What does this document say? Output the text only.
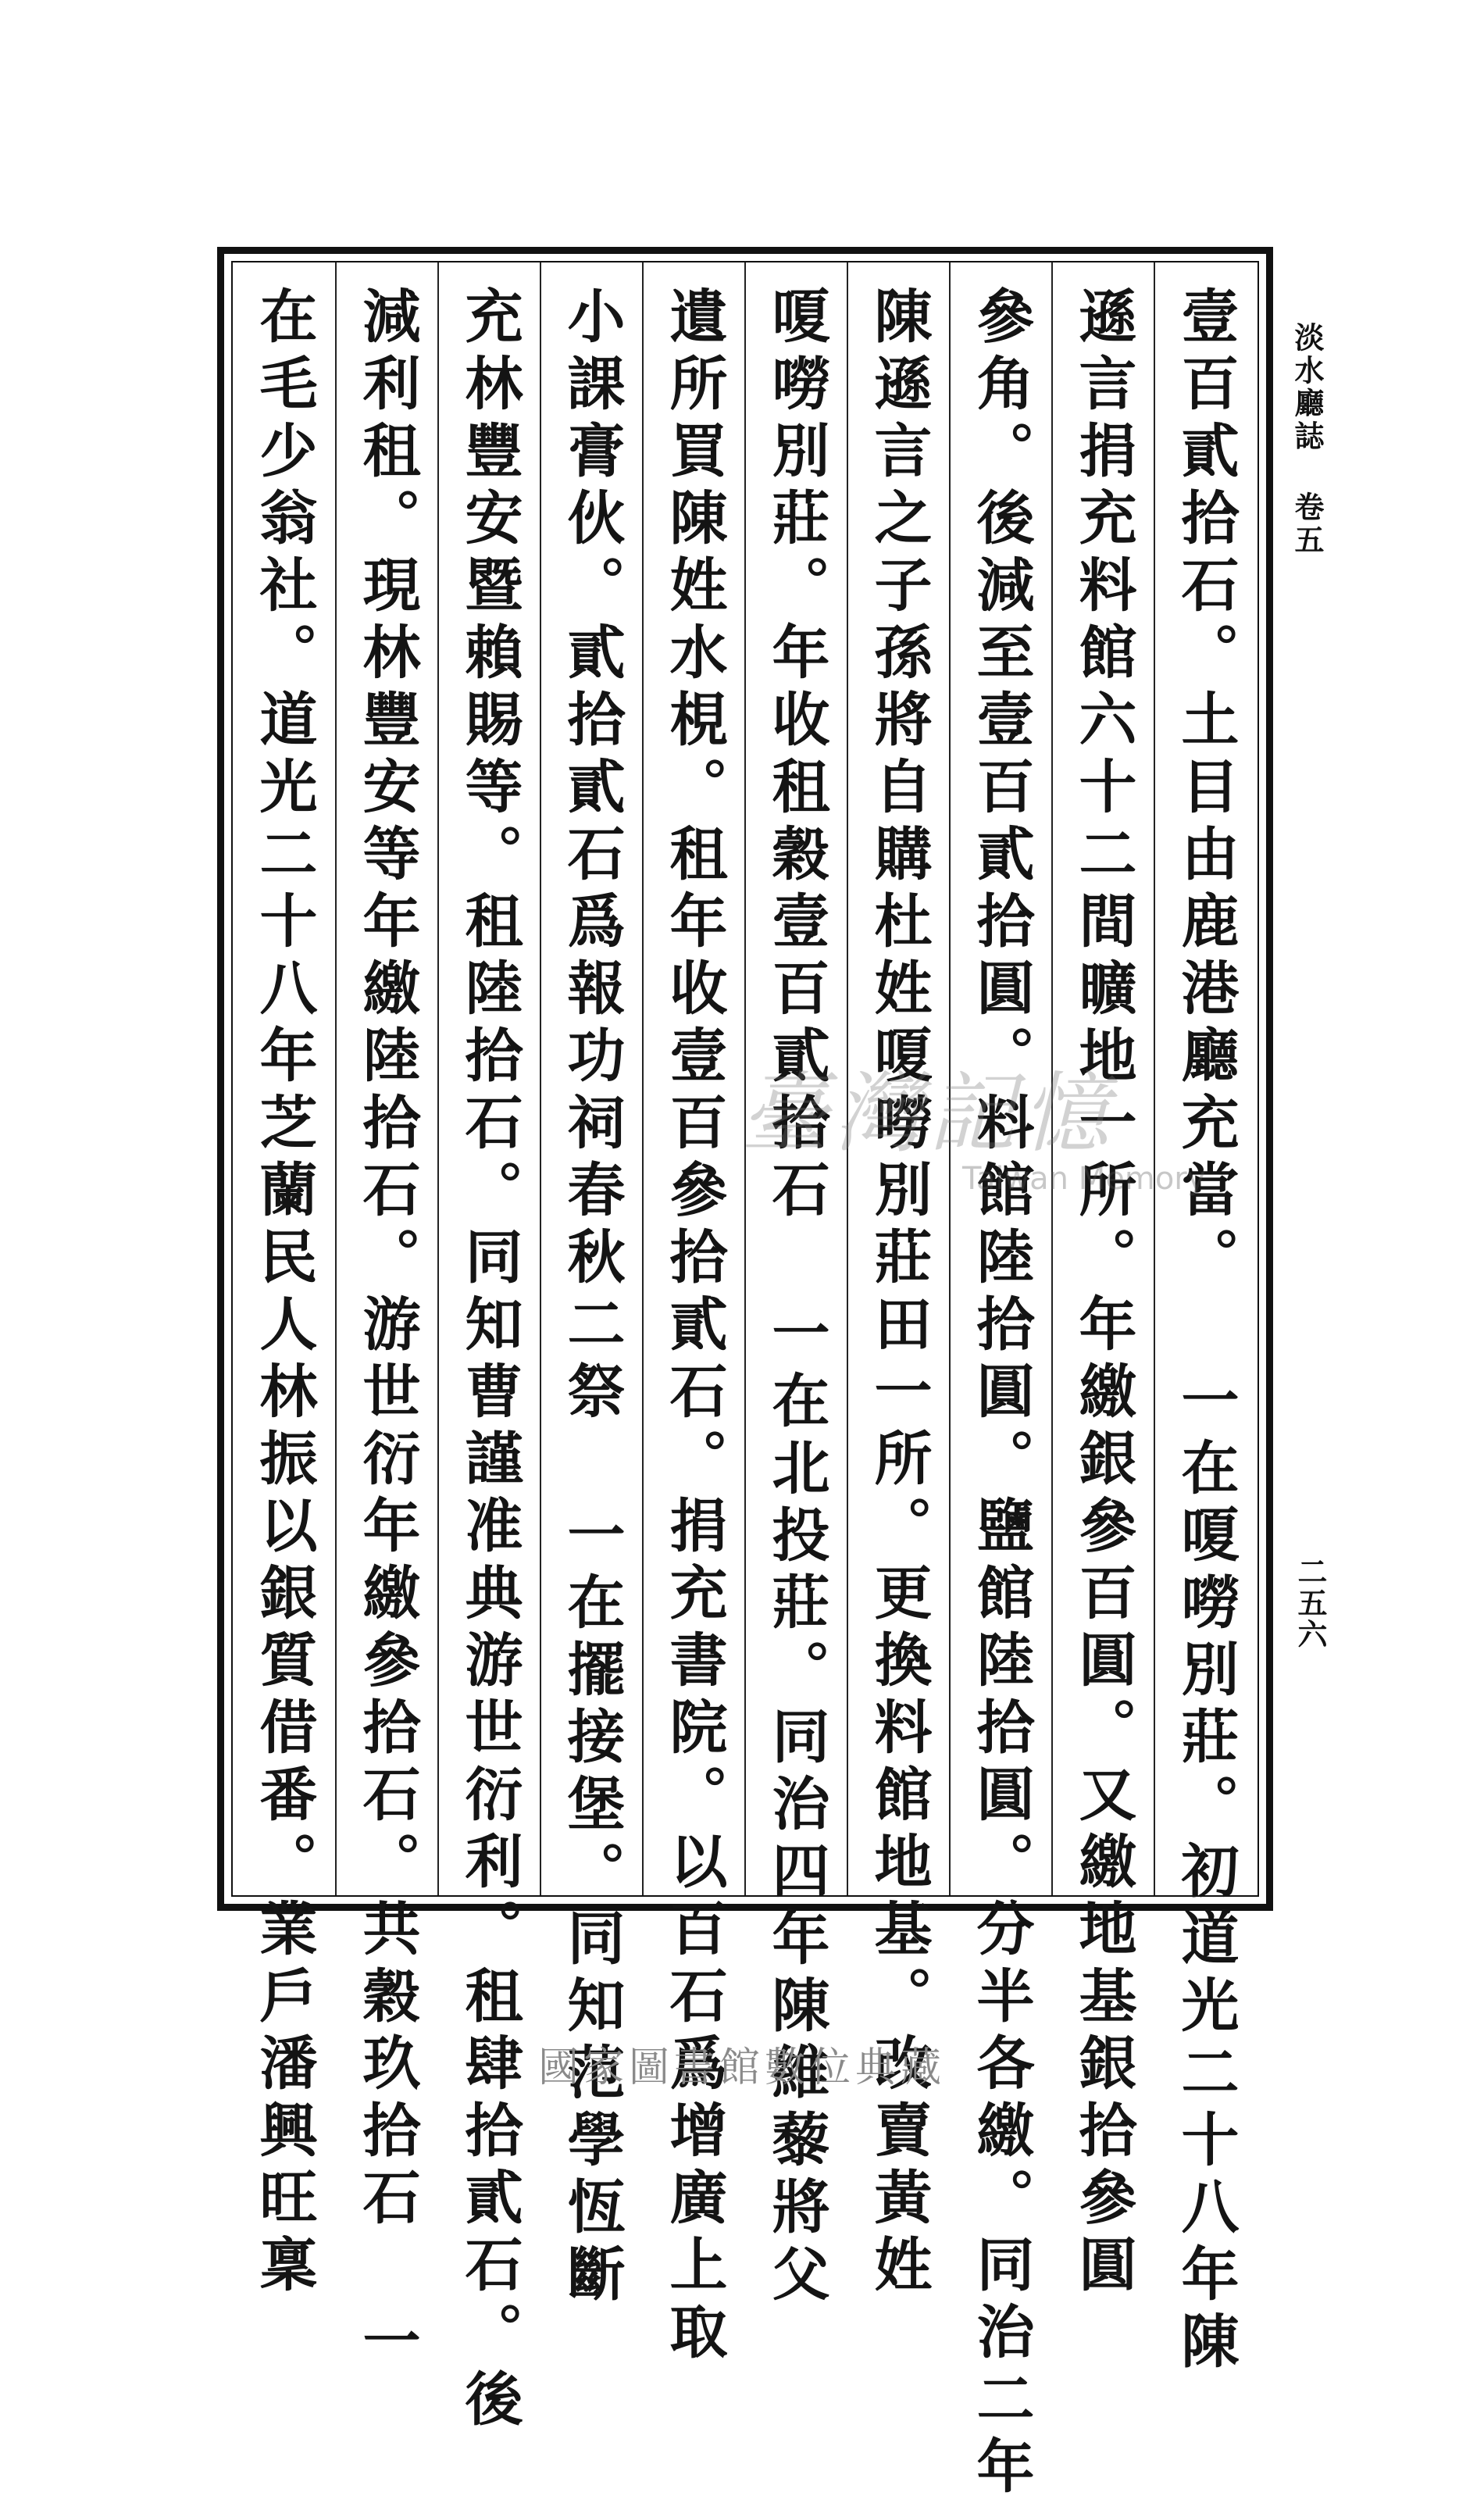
壹百貳拾石。土目由鹿港廳充當。 一在嗄嘮別莊。初道光二十八年陳
遜言捐充料館六十二間曠地一所。年繳銀參百圓。又繳地基銀拾參圓
參角。後減至壹百貳拾圓。料館陸拾圓。鹽館陸拾圓。分半各繳。同治二年
陳遜言之子孫將自購杜姓嗄嘮別莊田一所。更換料館地基。改賣黃姓
嗄嘮別莊。年收租穀壹百貳拾石 一在北投莊。同治四年陳維藜將父
遺所買陳姓水梘。租年收壹百參拾貳石。捐充書院。以百石爲增廣上取
小課膏伙。貳拾貳石爲報功祠春秋二祭 一在擺接堡。同知范學恆斷
充林豐安暨賴賜等。租陸拾石。同知曹謹准典游世衍利。租肆拾貳石。後
減利租。現林豐安等年繳陸拾石。游世衍年繳參拾石。共穀玖拾石 一
在毛少翁社。道光二十八年芝蘭民人林振以銀質借番。業戶潘興旺稟	淡水廳誌 卷五
二五六
臺灣記憶
Taiwan Memory
國家圖書館數位典藏
